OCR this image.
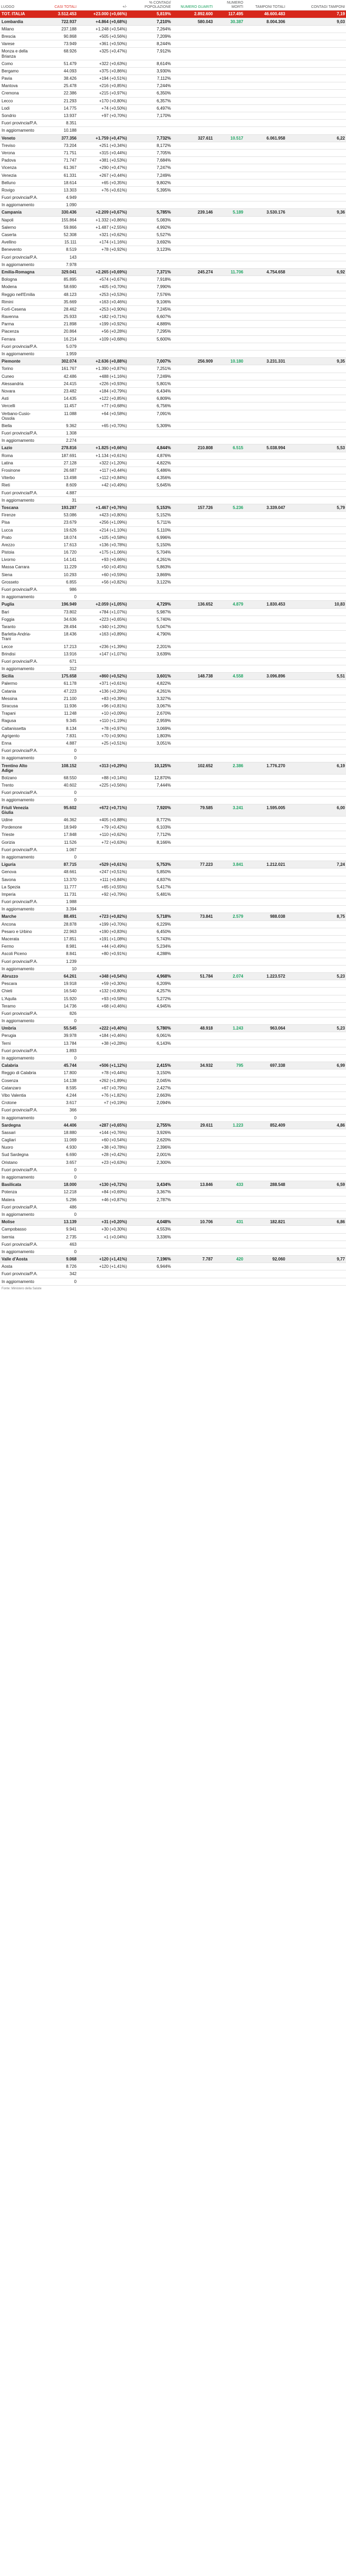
LUOGO	CASI TOTALI	+/-	% CONTAGI/ POPOLAZIONE	NUMERO GUARITI	NUMERO MORTI	TAMPONI TOTALI	CONTAGI TAMPONI
TOT. ITALIA	3.512.453	+23.000 (+0,66%)	5,819%	2.892.600	117.495	46.600.483	7,19
Lombardia	722.937	+4.864 (+0,68%)	7,210%	580.043	30.387	8.004.306	9,03
Milano	237.188	+1.248 (+0,54%)	7,264%				
Brescia	90.868	+505 (+0,56%)	7,209%				
Varese	73.949	+361 (+0,50%)	8,244%				
Monza e della Brianza	68.926	+325 (+0,47%)	7,912%				
Como	51.479	+322 (+0,63%)	8,614%				
Bergamo	44.093	+375 (+0,86%)	3,930%				
Pavia	38.426	+194 (+0,51%)	7,112%				
Mantova	25.478	+216 (+0,85%)	7,244%				
Cremona	22.386	+215 (+0,97%)	6,350%				
Lecco	21.293	+170 (+0,80%)	6,357%				
Lodi	14.775	+74 (+0,50%)	6,497%				
Sondrio	13.937	+97 (+0,70%)	7,170%				
Fuori provincia/P.A.	8.351						
In aggiornamento	10.188						
Veneto	377.356	+1.759 (+0,47%)	7,732%	327.611	10.517	6.061.958	6,22
Treviso	73.204	+251 (+0,34%)	8,172%				
Verona	71.751	+315 (+0,44%)	7,705%				
Padova	71.747	+381 (+0,53%)	7,684%				
Vicenza	61.367	+290 (+0,47%)	7,247%				
Venezia	61.331	+267 (+0,44%)	7,249%				
Belluno	18.614	+65 (+0,35%)	9,802%				
Rovigo	13.303	+76 (+0,61%)	5,395%				
Fuori provincia/P.A.	4.949						
In aggiornamento	1.090						
Campania	330.436	+2.209 (+0,67%)	5,785%	239.146	5.189	3.530.176	9,36
Napoli	155.864	+1.332 (+0,86%)	5,083%				
Salerno	59.866	+1.487 (+2,55%)	4,992%				
Caserta	52.308	+321 (+0,62%)	5,527%				
Avellino	15.111	+174 (+1,16%)	3,692%				
Benevento	8.519	+78 (+0,92%)	3,123%				
Fuori provincia/P.A.	143						
In aggiornamento	7.978						
Emilia-Romagna	329.041	+2.265 (+0,69%)	7,371%	245.274	11.706	4.754.658	6,92
Bologna	85.895	+574 (+0,67%)	7,918%				
Modena	58.690	+405 (+0,70%)	7,990%				
Reggio nell'Emilia	48.123	+253 (+0,53%)	7,576%				
Rimini	35.669	+163 (+0,46%)	9,106%				
Forlì-Cesena	28.462	+253 (+0,90%)	7,245%				
Ravenna	25.933	+182 (+0,71%)	6,607%				
Parma	21.898	+199 (+0,92%)	4,889%				
Piacenza	20.864	+56 (+0,28%)	7,295%				
Ferrara	16.214	+109 (+0,68%)	5,600%				
Fuori provincia/P.A.	5.079						
In aggiornamento	1.959						
Piemonte	302.074	+2.636 (+0,88%)	7,007%	256.909	10.180	3.231.331	9,35
Torino	161.767	+1.390 (+0,87%)	7,251%				
Cuneo	42.486	+488 (+1,16%)	7,249%				
Alessandria	24.415	+226 (+0,93%)	5,801%				
Novara	23.482	+184 (+0,79%)	6,434%				
Asti	14.435	+122 (+0,85%)	6,809%				
Vercelli	11.457	+77 (+0,68%)	6,756%				
Verbano-Cusio-Ossola	11.088	+64 (+0,58%)	7,091%				
Biella	9.362	+65 (+0,70%)	5,309%				
Fuori provincia/P.A.	1.308						
In aggiornamento	2.274						
Lazio	278.816	+1.825 (+0,66%)	4,844%	210.808	6.515	5.038.994	5,53
Roma	187.691	+1.134 (+0,61%)	4,876%				
Latina	27.128	+322 (+1,20%)	4,822%				
Frosinone	26.687	+117 (+0,44%)	5,486%				
Viterbo	13.498	+112 (+0,84%)	4,356%				
Rieti	8.609	+42 (+0,49%)	5,645%				
Fuori provincia/P.A.	4.887						
In aggiornamento	31						
Toscana	193.287	+1.467 (+0,76%)	5,153%	157.726	5.236	3.339.047	5,79
Firenze	53.086	+423 (+0,80%)	5,152%				
Pisa	23.679	+256 (+1,09%)	5,711%				
Lucca	19.626	+214 (+1,10%)	5,110%				
Prato	18.074	+105 (+0,58%)	6,996%				
Arezzo	17.613	+136 (+0,78%)	5,150%				
Pistoia	16.720	+175 (+1,06%)	5,704%				
Livorno	14.141	+93 (+0,66%)	4,261%				
Massa Carrara	11.229	+50 (+0,45%)	5,863%				
Siena	10.293	+60 (+0,59%)	3,869%				
Grosseto	6.855	+56 (+0,82%)	3,122%				
Fuori provincia/P.A.	986						
In aggiornamento	0						
Puglia	196.949	+2.059 (+1,05%)	4,729%	136.652	4.879	1.830.453	10,83
Bari	73.802	+784 (+1,07%)	5,987%				
Foggia	34.636	+223 (+0,65%)	5,740%				
Taranto	28.494	+340 (+1,20%)	5,047%				
Barletta-Andria-Trani	18.436	+163 (+0,89%)	4,790%				
Lecce	17.213	+236 (+1,39%)	2,201%				
Brindisi	13.916	+147 (+1,07%)	3,639%				
Fuori provincia/P.A.	671						
In aggiornamento	312						
Sicilia	175.658	+860 (+0,52%)	3,601%	148.738	4.558	3.096.896	5,51
Palermo	61.178	+371 (+0,61%)	4,822%				
Catania	47.223	+136 (+0,29%)	4,261%				
Messina	21.100	+83 (+0,39%)	3,327%				
Siracusa	11.936	+96 (+0,81%)	3,067%				
Trapani	11.248	+10 (+0,09%)	2,670%				
Ragusa	9.345	+110 (+1,19%)	2,959%				
Caltanissetta	8.134	+78 (+0,97%)	3,069%				
Agrigento	7.831	+70 (+0,90%)	1,803%				
Enna	4.887	+25 (+0,51%)	3,051%				
Fuori provincia/P.A.	0						
In aggiornamento	0						
Trentino Alto Adige	108.152	+313 (+0,29%)	10,125%	102.652	2.386	1.776.270	6,19
Bolzano	68.550	+88 (+0,14%)	12,870%				
Trento	40.602	+225 (+0,56%)	7,444%				
Fuori provincia/P.A.	0						
In aggiornamento	0						
Friuli Venezia Giulia	95.602	+672 (+0,71%)	7,920%	79.585	3.241	1.595.005	6,00
Udine	46.362	+405 (+0,88%)	8,772%				
Pordenone	18.949	+79 (+0,42%)	6,103%				
Trieste	17.848	+110 (+0,62%)	7,712%				
Gorizia	11.526	+72 (+0,63%)	8,166%				
Fuori provincia/P.A.	1.067						
In aggiornamento	0						
Liguria	87.715	+529 (+0,61%)	5,753%	77.223	3.841	1.212.021	7,24
Genova	48.661	+247 (+0,51%)	5,850%				
Savona	13.370	+111 (+0,84%)	4,837%				
La Spezia	11.777	+65 (+0,55%)	5,417%				
Imperia	11.731	+92 (+0,79%)	5,481%				
Fuori provincia/P.A.	1.988						
In aggiornamento	3.394						
Marche	88.491	+723 (+0,82%)	5,718%	73.841	2.579	988.038	8,75
Ancona	28.878	+199 (+0,70%)	6,229%				
Pesaro e Urbino	22.963	+190 (+0,83%)	6,450%				
Macerata	17.851	+191 (+1,08%)	5,743%				
Fermo	8.981	+44 (+0,49%)	5,234%				
Ascoli Piceno	8.841	+80 (+0,91%)	4,288%				
Fuori provincia/P.A.	1.239						
In aggiornamento	10						
Abruzzo	64.261	+348 (+0,54%)	4,968%	51.784	2.074	1.223.572	5,23
Pescara	19.918	+59 (+0,30%)	6,209%				
Chieti	16.540	+132 (+0,80%)	4,257%				
L'Aquila	15.920	+93 (+0,58%)	5,272%				
Teramo	14.736	+68 (+0,46%)	4,945%				
Fuori provincia/P.A.	826						
In aggiornamento	0						
Umbria	55.545	+222 (+0,40%)	5,780%	48.918	1.243	963.064	5,23
Perugia	39.978	+184 (+0,46%)	6,061%				
Terni	13.784	+38 (+0,28%)	6,143%				
Fuori provincia/P.A.	1.893						
In aggiornamento	0						
Calabria	45.744	+506 (+1,12%)	2,415%	34.932	795	697.338	6,99
Reggio di Calabria	17.800	+78 (+0,44%)	3,150%				
Cosenza	14.138	+262 (+1,89%)	2,045%				
Catanzaro	8.595	+67 (+0,79%)	2,427%				
Vibo Valentia	4.244	+76 (+1,82%)	2,663%				
Crotone	3.617	+7 (+0,19%)	2,094%				
Fuori provincia/P.A.	366						
In aggiornamento	0						
Sardegna	44.406	+287 (+0,65%)	2,755%	29.611	1.223	852.409	4,86
Sassari	18.880	+144 (+0,76%)	3,926%				
Cagliari	11.069	+60 (+0,54%)	2,620%				
Nuoro	4.930	+38 (+0,78%)	2,396%				
Sud Sardegna	6.690	+28 (+0,42%)	2,001%				
Oristano	3.657	+23 (+0,63%)	2,300%				
Fuori provincia/P.A.	0						
In aggiornamento	0						
Basilicata	18.000	+130 (+0,72%)	3,434%	13.846	433	288.548	6,59
Potenza	12.218	+84 (+0,69%)	3,367%				
Matera	5.296	+46 (+0,87%)	2,787%				
Fuori provincia/P.A.	486						
In aggiornamento	0						
Molise	13.139	+31 (+0,20%)	4,048%	10.706	431	182.821	6,86
Campobasso	9.941	+30 (+0,30%)	4,553%				
Isernia	2.735	+1 (+0,04%)	3,336%				
Fuori provincia/P.A.	463						
In aggiornamento	0						
Valle d'Aosta	9.068	+120 (+1,41%)	7,196%	7.787	420	92.060	9,77
Aosta	8.726	+120 (+1,41%)	6,944%				
Fuori provincia/P.A.	342						
In aggiornamento	0						
Fonte: Ministero della Salute
